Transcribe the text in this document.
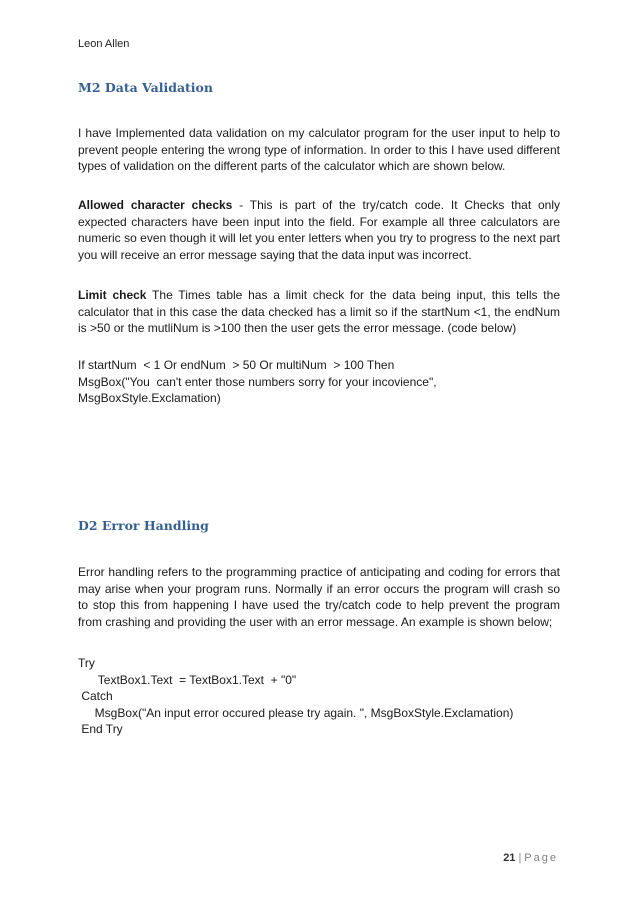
Leon Allen
M2 Data Validation

I have Implemented data validation on my calculator program for the user input to help to prevent people entering the wrong type of information. In order to this I have used different types of validation on the different parts of the calculator which are shown below.

Allowed character checks - This is part of the try/catch code. It Checks that only expected characters have been input into the field. For example all three calculators are numeric so even though it will let you enter letters when you try to progress to the next part you will receive an error message saying that the data input was incorrect.

Limit check The Times table has a limit check for the data being input, this tells the calculator that in this case the data checked has a limit so if the startNum <1, the endNum is >50 or the mutliNum is >100 then the user gets the error message. (code below)

If startNum  < 1 Or endNum  > 50 Or multiNum  > 100 Then
MsgBox("You  can't enter those numbers sorry for your incovience",
MsgBoxStyle.Exclamation)
D2 Error Handling

Error handling refers to the programming practice of anticipating and coding for errors that may arise when your program runs. Normally if an error occurs the program will crash so to stop this from happening I have used the try/catch code to help prevent the program from crashing and providing the user with an error message. An example is shown below;

Try
TextBox1.Text  = TextBox1.Text  + "0"
Catch
MsgBox("An input error occured please try again. ", MsgBoxStyle.Exclamation)
End Try
21 | Page
